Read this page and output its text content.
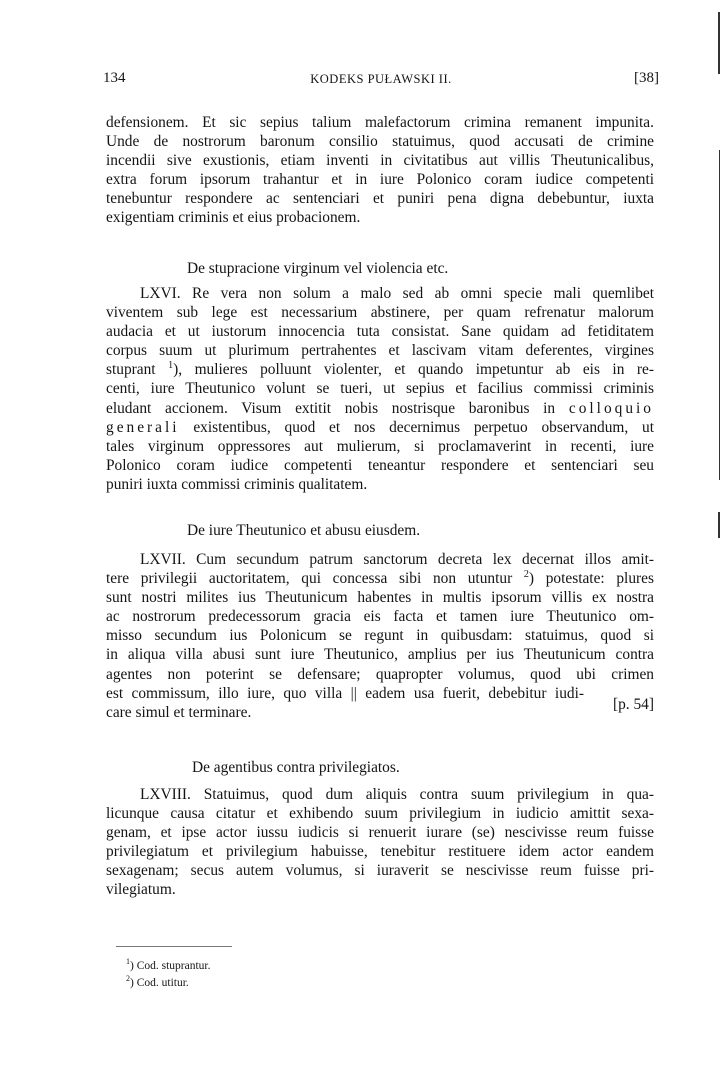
134	KODEKS PUŁAWSKI II.	[38]
defensionem. Et sic sepius talium malefactorum crimina remanent impunita.
Unde de nostrorum baronum consilio statuimus, quod accusati de crimine
incendii sive exustionis, etiam inventi in civitatibus aut villis Theutunicalibus,
extra forum ipsorum trahantur et in iure Polonico coram iudice competenti
tenebuntur respondere ac sentenciari et puniri pena digna debebuntur, iuxta
exigentiam criminis et eius probacionem.
De stupracione virginum vel violencia etc.
LXVI. Re vera non solum a malo sed ab omni specie mali quemlibet
viventem sub lege est necessarium abstinere, per quam refrenatur malorum
audacia et ut iustorum innocencia tuta consistat. Sane quidam ad fetiditatem
corpus suum ut plurimum pertrahentes et lascivam vitam deferentes, virgines
stuprant $^1$), mulieres polluunt violenter, et quando impetuntur ab eis in re-
centi, iure Theutunico volunt se tueri, ut sepius et facilius commissi criminis
eludant accionem. Visum extitit nobis nostrisque baronibus in colloquio
generali existentibus, quod et nos decernimus perpetuo observandum, ut
tales virginum oppressores aut mulierum, si proclamaverint in recenti, iure
Polonico coram iudice competenti teneantur respondere et sentenciari seu
puniri iuxta commissi criminis qualitatem.
De iure Theutunico et abusu eiusdem.
LXVII. Cum secundum patrum sanctorum decreta lex decernat illos amit-
tere privilegii auctoritatem, qui concessa sibi non utuntur $^2$) potestate: plures
sunt nostri milites ius Theutunicum habentes in multis ipsorum villis ex nostra
ac nostrorum predecessorum gracia eis facta et tamen iure Theutunico om-
misso secundum ius Polonicum se regunt in quibusdam: statuimus, quod si
in aliqua villa abusi sunt iure Theutunico, amplius per ius Theutunicum contra
agentes non poterint se defensare; quapropter volumus, quod ubi crimen
est commissum, illo iure, quo villa || eadem usa fuerit, debebitur iudi-
care simul et terminare.	[p. 54]
De agentibus contra privilegiatos.
LXVIII. Statuimus, quod dum aliquis contra suum privilegium in qua-
licunque causa citatur et exhibendo suum privilegium in iudicio amittit sexa-
genam, et ipse actor iussu iudicis si renuerit iurare (se) nescivisse reum fuisse
privilegiatum et privilegium habuisse, tenebitur restituere idem actor eandem
sexagenam; secus autem volumus, si iuraverit se nescivisse reum fuisse pri-
vilegiatum.
$^1$) Cod. stuprantur.
$^2$) Cod. utitur.
